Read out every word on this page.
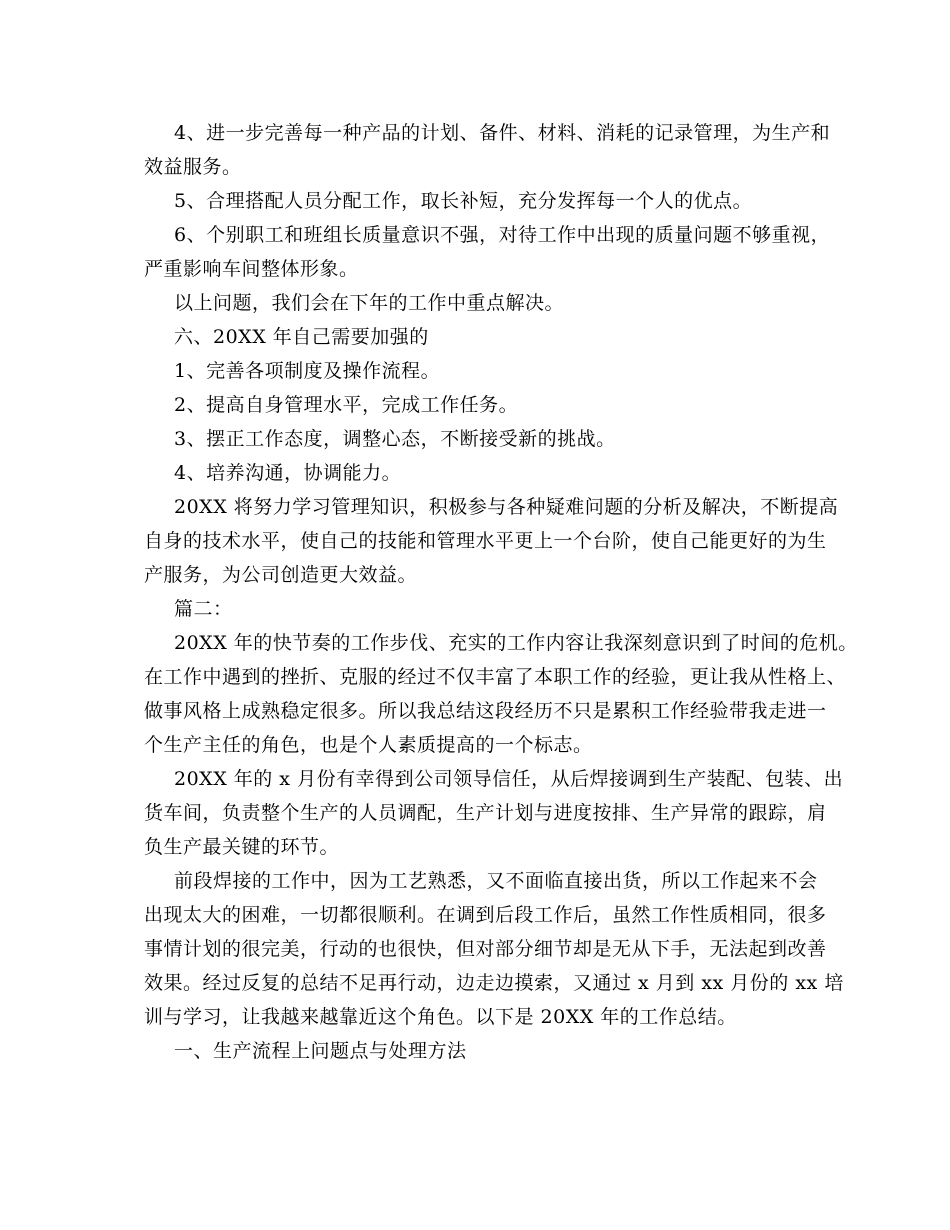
4、进一步完善每一种产品的计划、备件、材料、消耗的记录管理，为生产和
效益服务。
5、合理搭配人员分配工作，取长补短，充分发挥每一个人的优点。
6、个别职工和班组长质量意识不强，对待工作中出现的质量问题不够重视，
严重影响车间整体形象。
以上问题，我们会在下年的工作中重点解决。
六、20XX 年自己需要加强的
1、完善各项制度及操作流程。
2、提高自身管理水平，完成工作任务。
3、摆正工作态度，调整心态，不断接受新的挑战。
4、培养沟通，协调能力。
20XX 将努力学习管理知识，积极参与各种疑难问题的分析及解决，不断提高
自身的技术水平，使自己的技能和管理水平更上一个台阶，使自己能更好的为生
产服务，为公司创造更大效益。
篇二：
20XX 年的快节奏的工作步伐、充实的工作内容让我深刻意识到了时间的危机。
在工作中遇到的挫折、克服的经过不仅丰富了本职工作的经验，更让我从性格上、
做事风格上成熟稳定很多。所以我总结这段经历不只是累积工作经验带我走进一
个生产主任的角色，也是个人素质提高的一个标志。
20XX 年的 x 月份有幸得到公司领导信任，从后焊接调到生产装配、包装、出
货车间，负责整个生产的人员调配，生产计划与进度按排、生产异常的跟踪，肩
负生产最关键的环节。
前段焊接的工作中，因为工艺熟悉，又不面临直接出货，所以工作起来不会
出现太大的困难，一切都很顺利。在调到后段工作后，虽然工作性质相同，很多
事情计划的很完美，行动的也很快，但对部分细节却是无从下手，无法起到改善
效果。经过反复的总结不足再行动，边走边摸索，又通过 x 月到 xx 月份的 xx 培
训与学习，让我越来越靠近这个角色。以下是 20XX 年的工作总结。
一、生产流程上问题点与处理方法
